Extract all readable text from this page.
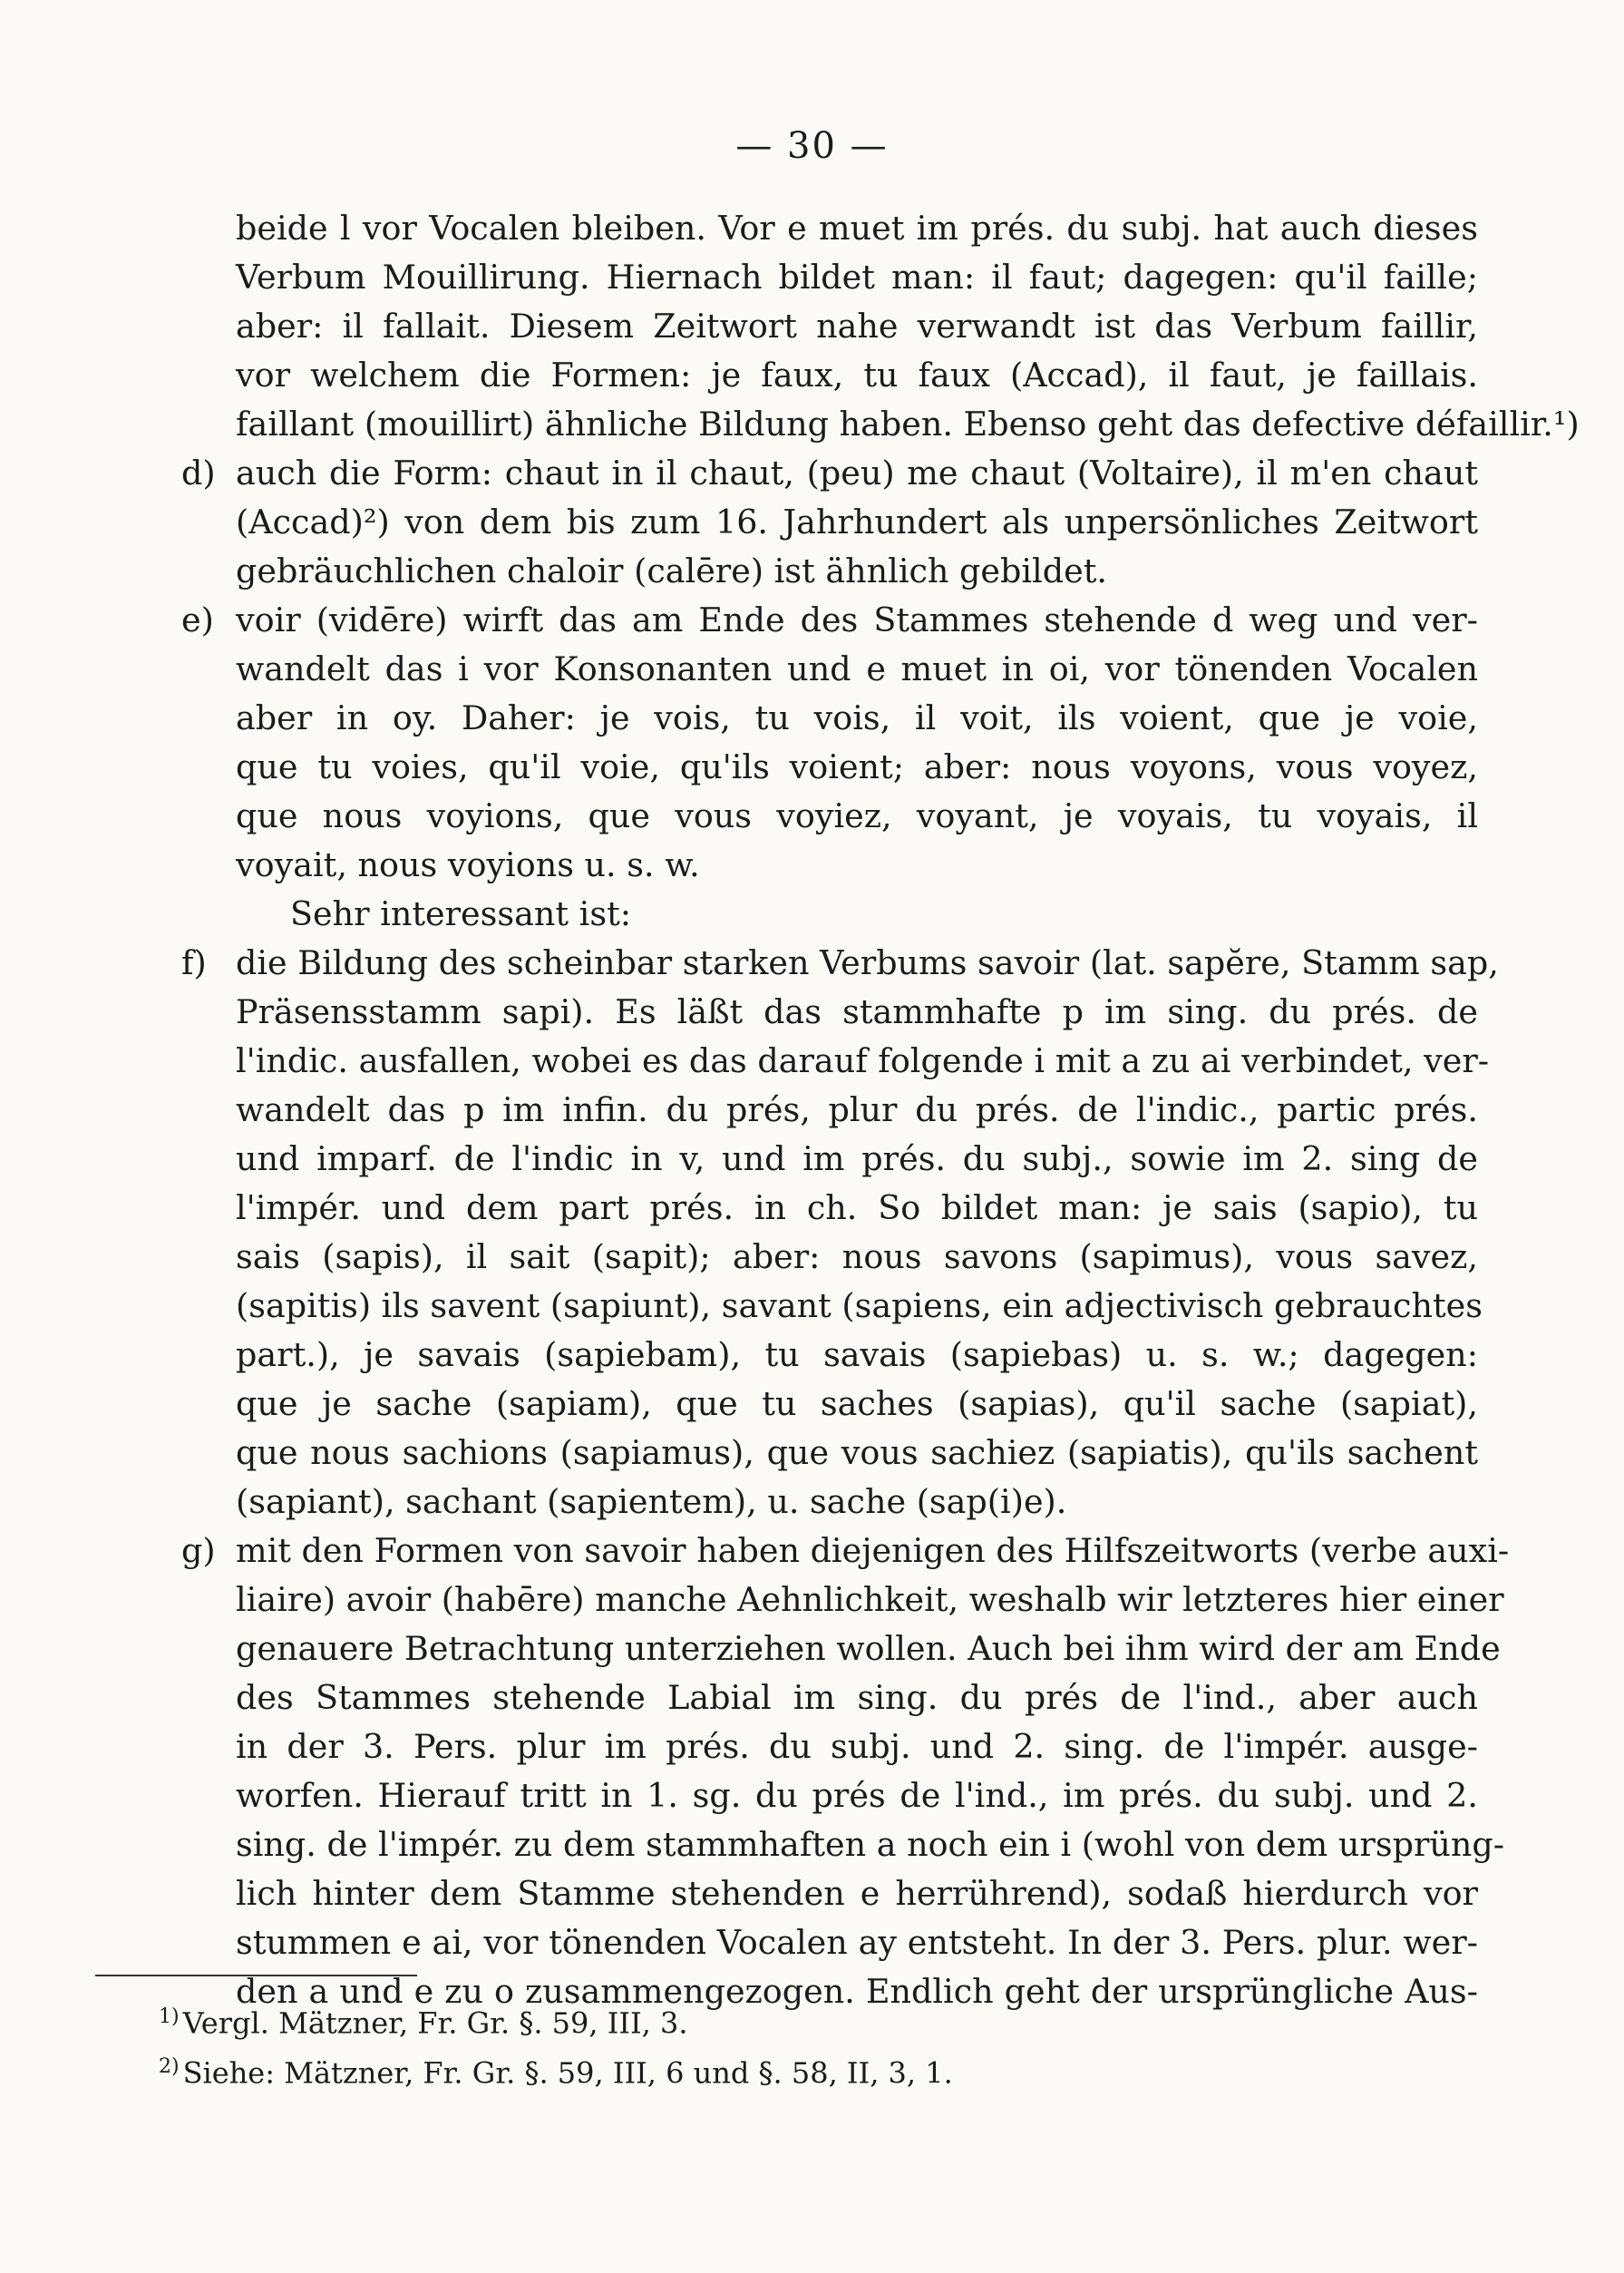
— 30 —
beide l vor Vocalen bleiben. Vor e muet im prés. du subj. hat auch dieses
Verbum Mouillirung. Hiernach bildet man: il faut; dagegen: qu'il faille;
aber: il fallait. Diesem Zeitwort nahe verwandt ist das Verbum faillir,
vor welchem die Formen: je faux, tu faux (Accad), il faut, je faillais.
faillant (mouillirt) ähnliche Bildung haben. Ebenso geht das defective défaillir.¹)
d) auch die Form: chaut in il chaut, (peu) me chaut (Voltaire), il m'en chaut
(Accad)²) von dem bis zum 16. Jahrhundert als unpersönliches Zeitwort
gebräuchlichen chaloir (calēre) ist ähnlich gebildet.
e) voir (vidēre) wirft das am Ende des Stammes stehende d weg und ver-
wandelt das i vor Konsonanten und e muet in oi, vor tönenden Vocalen
aber in oy. Daher: je vois, tu vois, il voit, ils voient, que je voie,
que tu voies, qu'il voie, qu'ils voient; aber: nous voyons, vous voyez,
que nous voyions, que vous voyiez, voyant, je voyais, tu voyais, il
voyait, nous voyions u. s. w.
Sehr interessant ist:
f) die Bildung des scheinbar starken Verbums savoir (lat. sapĕre, Stamm sap,
Präsensstamm sapi). Es läßt das stammhafte p im sing. du prés. de
l'indic. ausfallen, wobei es das darauf folgende i mit a zu ai verbindet, ver-
wandelt das p im infin. du prés, plur du prés. de l'indic., partic prés.
und imparf. de l'indic in v, und im prés. du subj., sowie im 2. sing de
l'impér. und dem part prés. in ch. So bildet man: je sais (sapio), tu
sais (sapis), il sait (sapit); aber: nous savons (sapimus), vous savez,
(sapitis) ils savent (sapiunt), savant (sapiens, ein adjectivisch gebrauchtes
part.), je savais (sapiebam), tu savais (sapiebas) u. s. w.; dagegen:
que je sache (sapiam), que tu saches (sapias), qu'il sache (sapiat),
que nous sachions (sapiamus), que vous sachiez (sapiatis), qu'ils sachent
(sapiant), sachant (sapientem), u. sache (sap(i)e).
g) mit den Formen von savoir haben diejenigen des Hilfszeitworts (verbe auxi-
liaire) avoir (habēre) manche Aehnlichkeit, weshalb wir letzteres hier einer
genauere Betrachtung unterziehen wollen. Auch bei ihm wird der am Ende
des Stammes stehende Labial im sing. du prés de l'ind., aber auch
in der 3. Pers. plur im prés. du subj. und 2. sing. de l'impér. ausge-
worfen. Hierauf tritt in 1. sg. du prés de l'ind., im prés. du subj. und 2.
sing. de l'impér. zu dem stammhaften a noch ein i (wohl von dem ursprüng-
lich hinter dem Stamme stehenden e herrührend), sodaß hierdurch vor
stummen e ai, vor tönenden Vocalen ay entsteht. In der 3. Pers. plur. wer-
den a und e zu o zusammengezogen. Endlich geht der ursprüngliche Aus-
$^{1)}$ Vergl. Mätzner, Fr. Gr. §. 59, III, 3.
$^{2)}$ Siehe: Mätzner, Fr. Gr. §. 59, III, 6 und §. 58, II, 3, 1.
